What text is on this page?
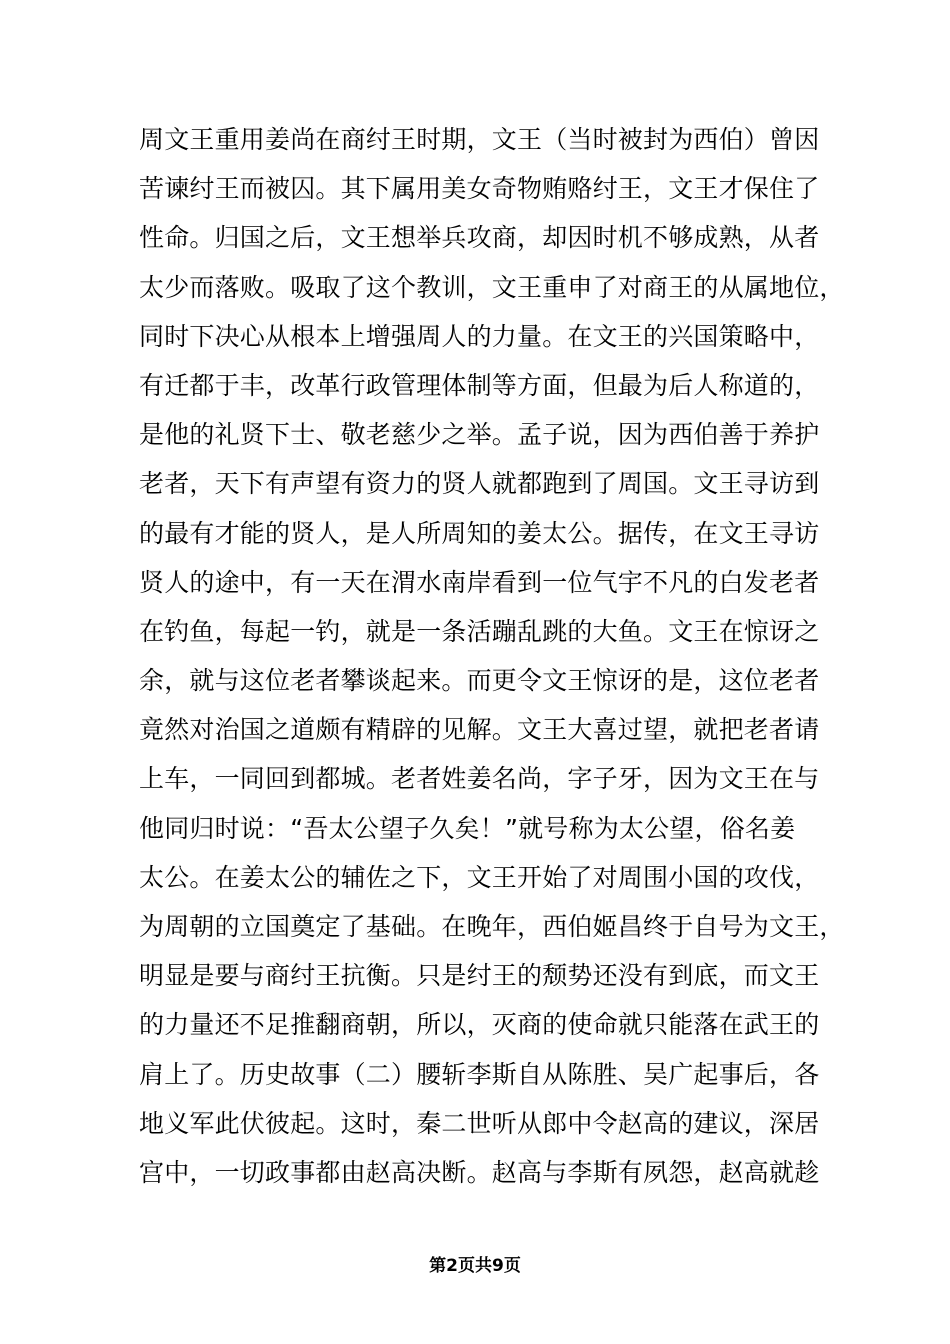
周文王重用姜尚在商纣王时期，文王（当时被封为西伯）曾因
苦谏纣王而被囚。其下属用美女奇物贿赂纣王，文王才保住了
性命。归国之后，文王想举兵攻商，却因时机不够成熟，从者
太少而落败。吸取了这个教训，文王重申了对商王的从属地位，
同时下决心从根本上增强周人的力量。在文王的兴国策略中，
有迁都于丰，改革行政管理体制等方面，但最为后人称道的，
是他的礼贤下士、敬老慈少之举。孟子说，因为西伯善于养护
老者，天下有声望有资力的贤人就都跑到了周国。文王寻访到
的最有才能的贤人，是人所周知的姜太公。据传，在文王寻访
贤人的途中，有一天在渭水南岸看到一位气宇不凡的白发老者
在钓鱼，每起一钓，就是一条活蹦乱跳的大鱼。文王在惊讶之
余，就与这位老者攀谈起来。而更令文王惊讶的是，这位老者
竟然对治国之道颇有精辟的见解。文王大喜过望，就把老者请
上车，一同回到都城。老者姓姜名尚，字子牙，因为文王在与
他同归时说：“吾太公望子久矣！”就号称为太公望，俗名姜
太公。在姜太公的辅佐之下，文王开始了对周围小国的攻伐，
为周朝的立国奠定了基础。在晚年，西伯姬昌终于自号为文王，
明显是要与商纣王抗衡。只是纣王的颓势还没有到底，而文王
的力量还不足推翻商朝，所以，灭商的使命就只能落在武王的
肩上了。历史故事（二）腰斩李斯自从陈胜、吴广起事后，各
地义军此伏彼起。这时，秦二世听从郎中令赵高的建议，深居
宫中，一切政事都由赵高决断。赵高与李斯有夙怨，赵高就趁
第2页共9页
